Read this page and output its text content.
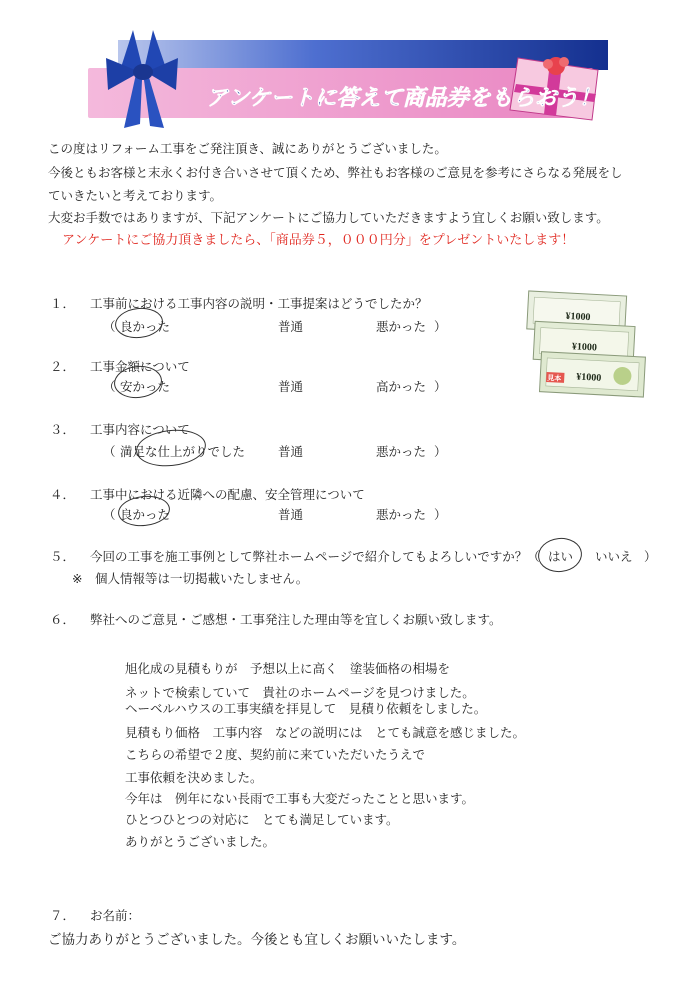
アンケートに答えて商品券をもらおう！
この度はリフォーム工事をご発注頂き、誠にありがとうございました。
今後ともお客様と末永くお付き合いさせて頂くため、弊社もお客様のご意見を参考にさらなる発展をし
ていきたいと考えております。
大変お手数ではありますが、下記アンケートにご協力していただきますよう宜しくお願い致します。
アンケートにご協力頂きましたら、「商品券５，０００円分」をプレゼントいたします！
¥1000
¥1000
¥1000
見本
１． 工事前における工事内容の説明・工事提案はどうでしたか？
（ 良かった	普通	悪かった ）
２． 工事金額について
（ 安かった	普通	高かった ）
３． 工事内容について
（ 満足な仕上がりでした	普通	悪かった ）
４． 工事中における近隣への配慮、安全管理について
（ 良かった	普通	悪かった ）
５． 今回の工事を施工事例として弊社ホームページで紹介してもよろしいですか？（ はい いいえ ）
※　個人情報等は一切掲載いたしません。
６． 弊社へのご意見・ご感想・工事発注した理由等を宜しくお願い致します。
旭化成の見積もりが　予想以上に高く　塗装価格の相場を
ネットで検索していて　貴社のホームページを見つけました。
ヘーベルハウスの工事実績を拝見して　見積り依頼をしました。
見積もり価格　工事内容　などの説明には　とても誠意を感じました。
こちらの希望で２度、契約前に来ていただいたうえで
工事依頼を決めました。
今年は　例年にない長雨で工事も大変だったことと思います。
ひとつひとつの対応に　とても満足しています。
ありがとうございました。
７． お名前：
ご協力ありがとうございました。今後とも宜しくお願いいたします。
